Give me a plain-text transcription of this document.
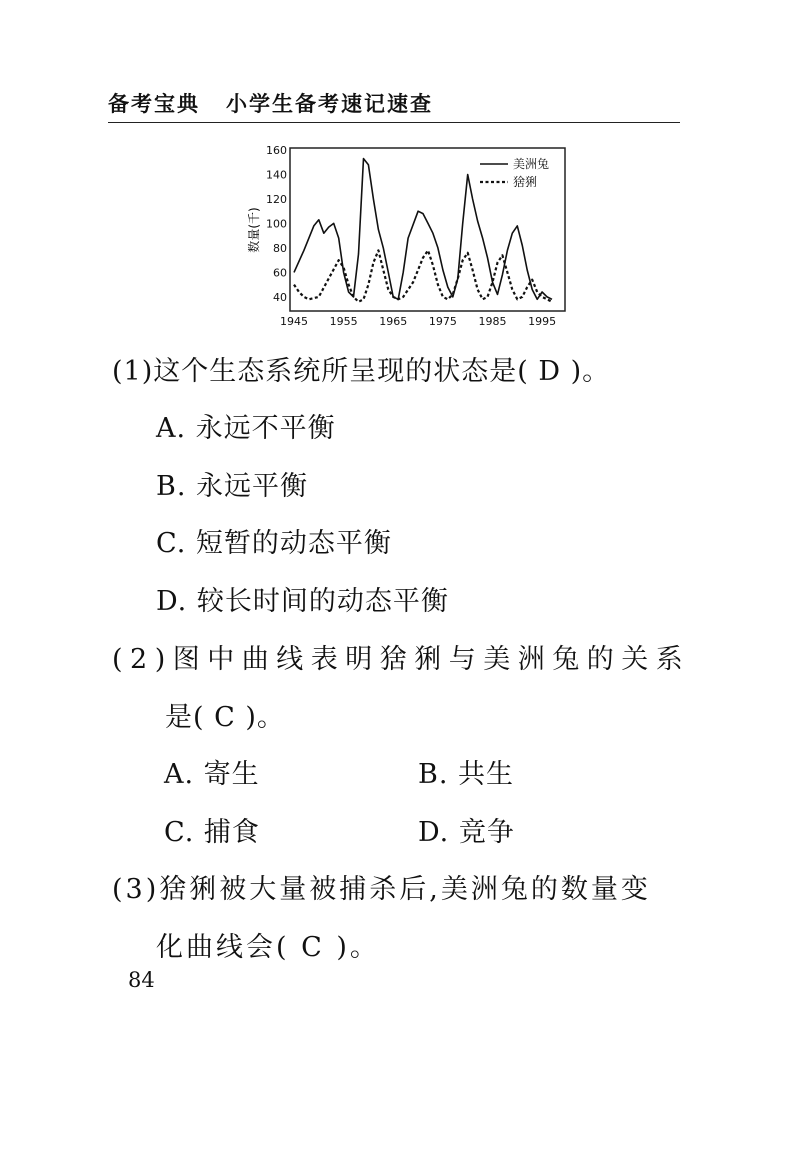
备考宝典 小学生备考速记速查
数量(千)
160
140
120
100
80
60
40
1945 1955 1965 1975 1985 1995
美洲兔
猞猁
(1)这个生态系统所呈现的状态是( D )。
A. 永远不平衡
B. 永远平衡
C. 短暂的动态平衡
D. 较长时间的动态平衡
(2)图中曲线表明猞猁与美洲兔的关系
是( C )。
A. 寄生	B. 共生
C. 捕食	D. 竞争
(3)猞猁被大量被捕杀后,美洲兔的数量变
化曲线会( C )。
84
